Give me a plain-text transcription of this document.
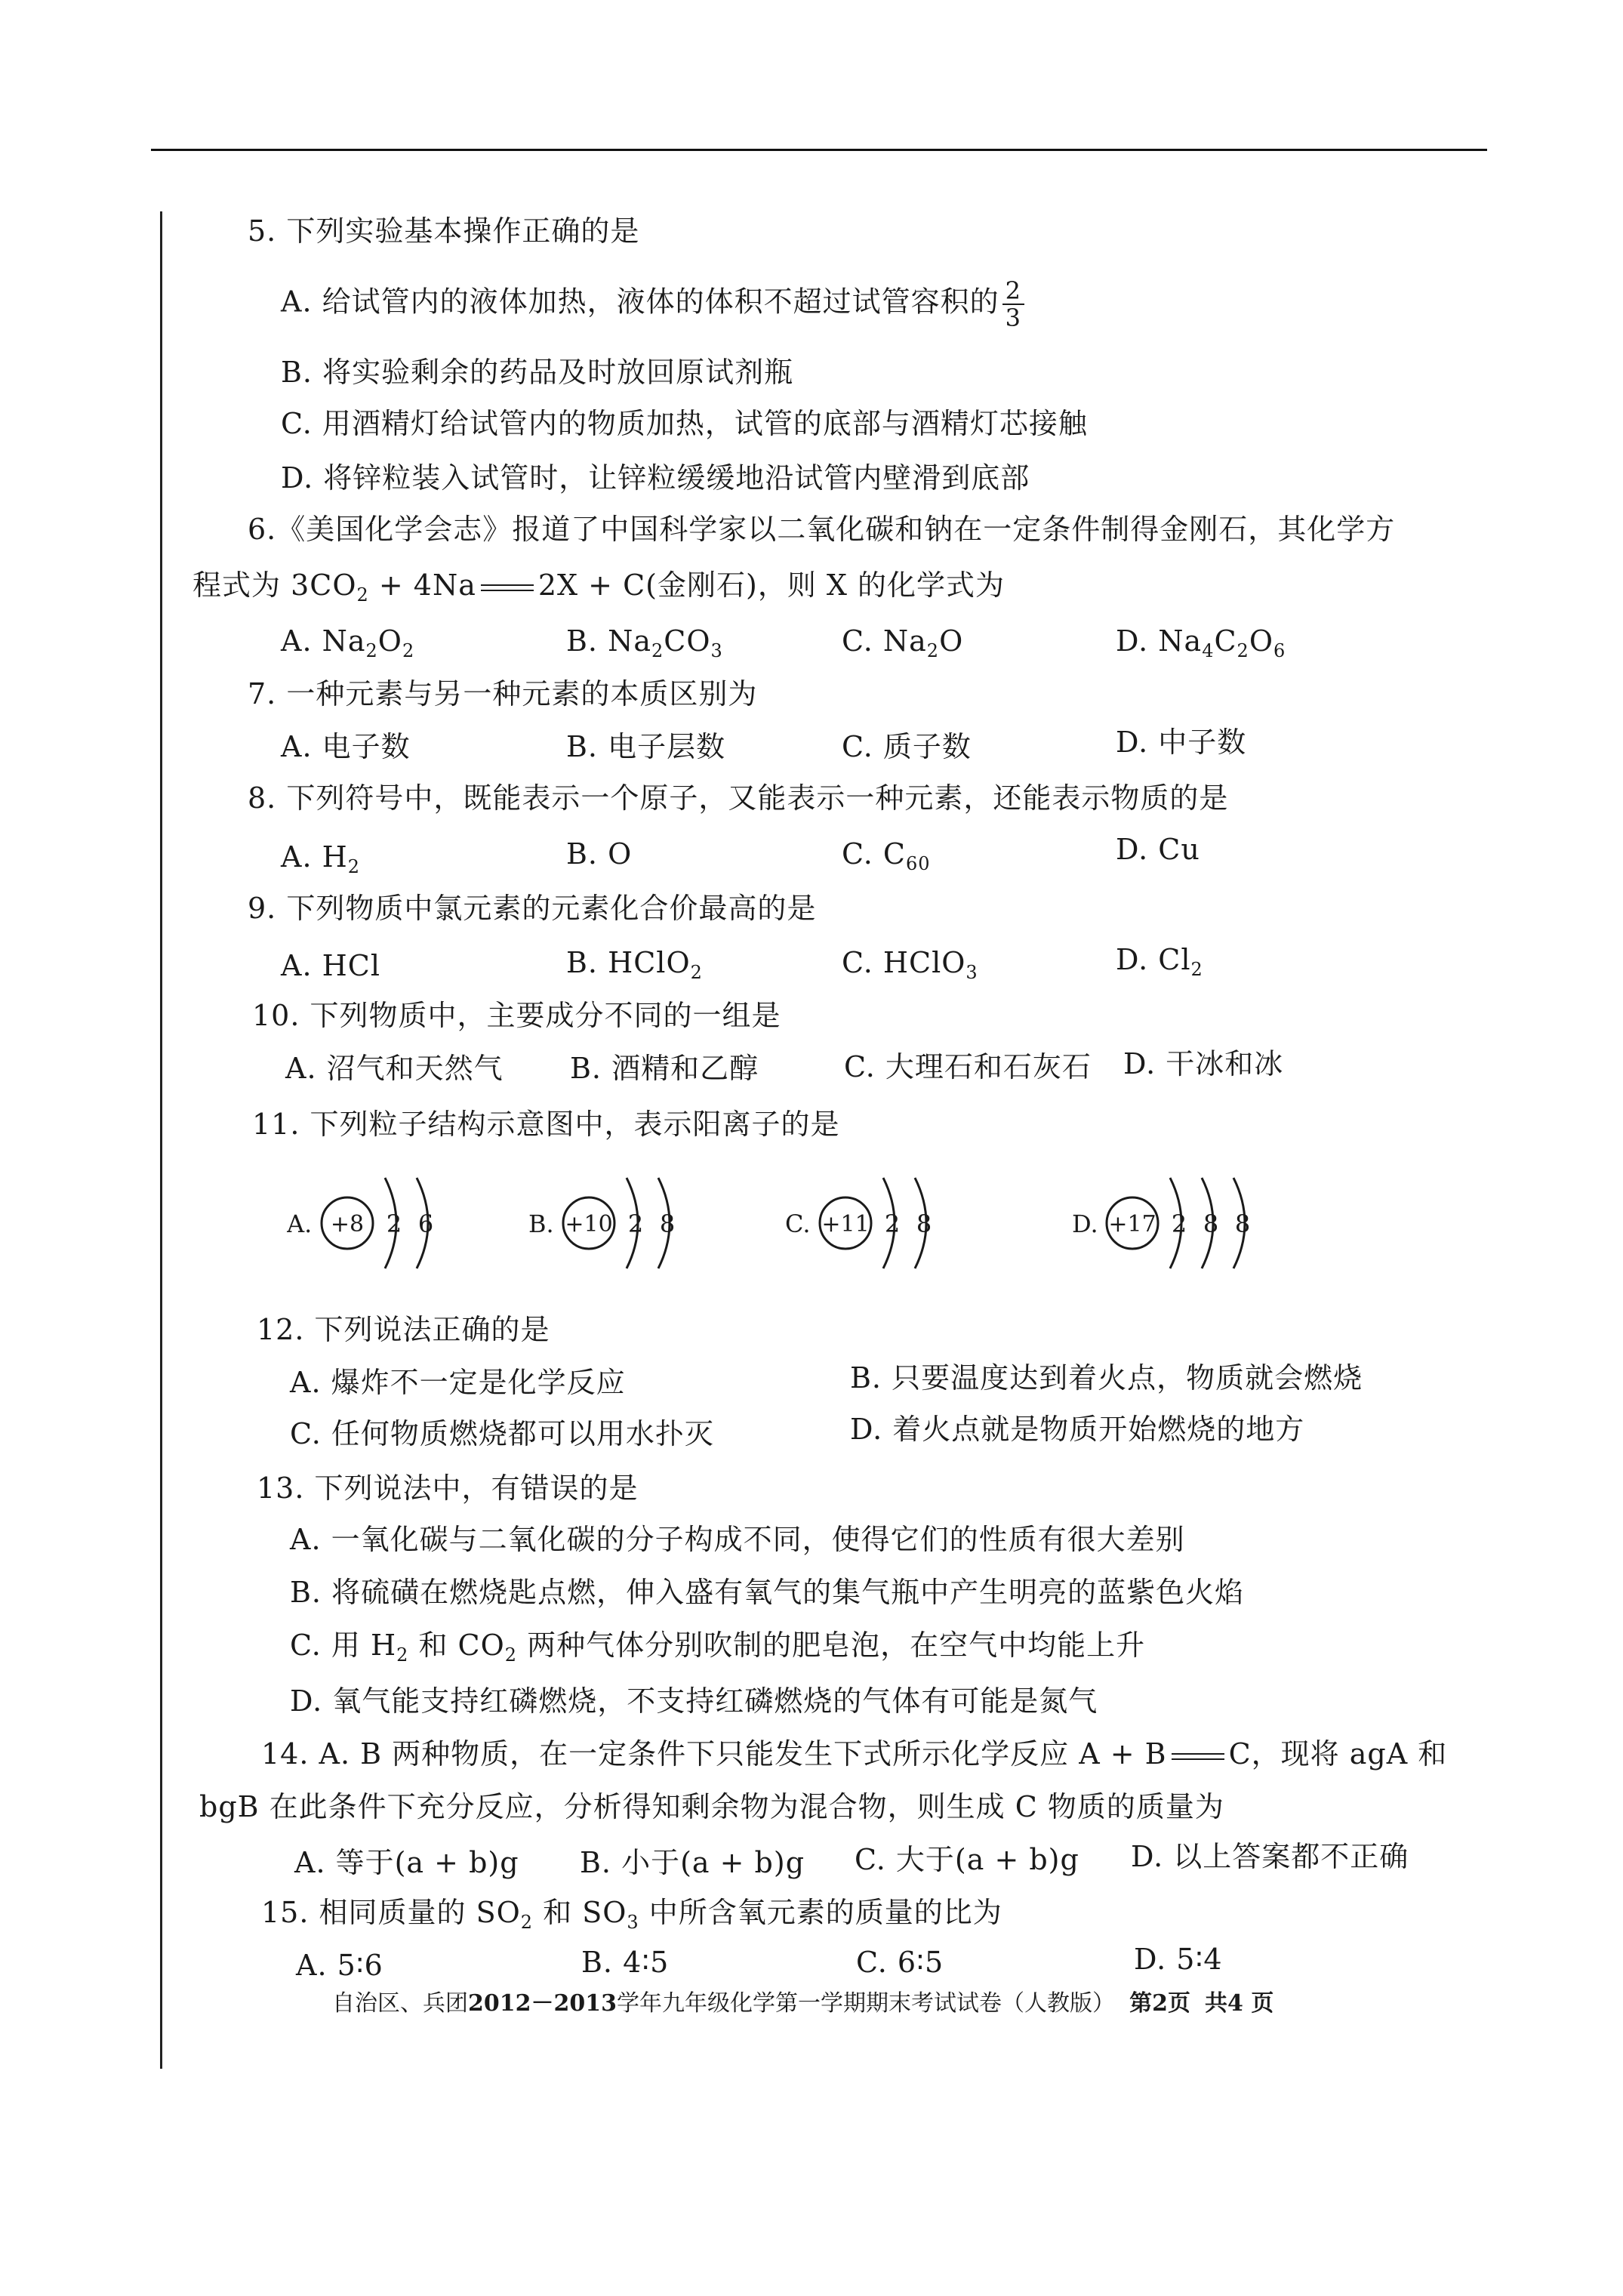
5. 下列实验基本操作正确的是
A. 给试管内的液体加热，液体的体积不超过试管容积的 $\frac{2}{3}$
B. 将实验剩余的药品及时放回原试剂瓶
C. 用酒精灯给试管内的物质加热，试管的底部与酒精灯芯接触
D. 将锌粒装入试管时，让锌粒缓缓地沿试管内壁滑到底部
6.《美国化学会志》报道了中国科学家以二氧化碳和钠在一定条件制得金刚石，其化学方
程式为 $3CO_2 + 4Na$ 2X + C(金刚石)，则 X 的化学式为
A. $Na_2O_2$	B. $Na_2CO_3$	C. $Na_2O$	D. $Na_4C_2O_6$
7. 一种元素与另一种元素的本质区别为
A. 电子数	B. 电子层数	C. 质子数	D. 中子数
8. 下列符号中，既能表示一个原子，又能表示一种元素，还能表示物质的是
A. $H_2$	B. O	C. $C_{60}$	D. Cu
9. 下列物质中氯元素的元素化合价最高的是
A. HCl	B. HClO$_2$	C. HClO$_3$	D. $Cl_2$
10. 下列物质中，主要成分不同的一组是
A. 沼气和天然气 B. 酒精和乙醇	C. 大理石和石灰石 D. 干冰和冰
11. 下列粒子结构示意图中，表示阳离子的是
A. +8 2 6	B. +10 2 8	C. +11 2 8	D. +17 2 8 8
12. 下列说法正确的是
A. 爆炸不一定是化学反应	B. 只要温度达到着火点，物质就会燃烧
C. 任何物质燃烧都可以用水扑灭	D. 着火点就是物质开始燃烧的地方
13. 下列说法中，有错误的是
A. 一氧化碳与二氧化碳的分子构成不同，使得它们的性质有很大差别
B. 将硫磺在燃烧匙点燃，伸入盛有氧气的集气瓶中产生明亮的蓝紫色火焰
C. 用 $H_2$ 和 $CO_2$ 两种气体分别吹制的肥皂泡，在空气中均能上升
D. 氧气能支持红磷燃烧，不支持红磷燃烧的气体有可能是氮气
14. A. B 两种物质，在一定条件下只能发生下式所示化学反应 A + B C，现将 agA 和
bgB 在此条件下充分反应，分析得知剩余物为混合物，则生成 C 物质的质量为
A. 等于(a + b)g B. 小于(a + b)g C. 大于(a + b)g D. 以上答案都不正确
15. 相同质量的 $SO_2$ 和 $SO_3$ 中所含氧元素的质量的比为
A. 5∶6	B. 4∶5	C. 6∶5	D. 5∶4
自治区、兵团2012－2013学年九年级化学第一学期期末考试试卷（人教版） 第2页 共4 页
